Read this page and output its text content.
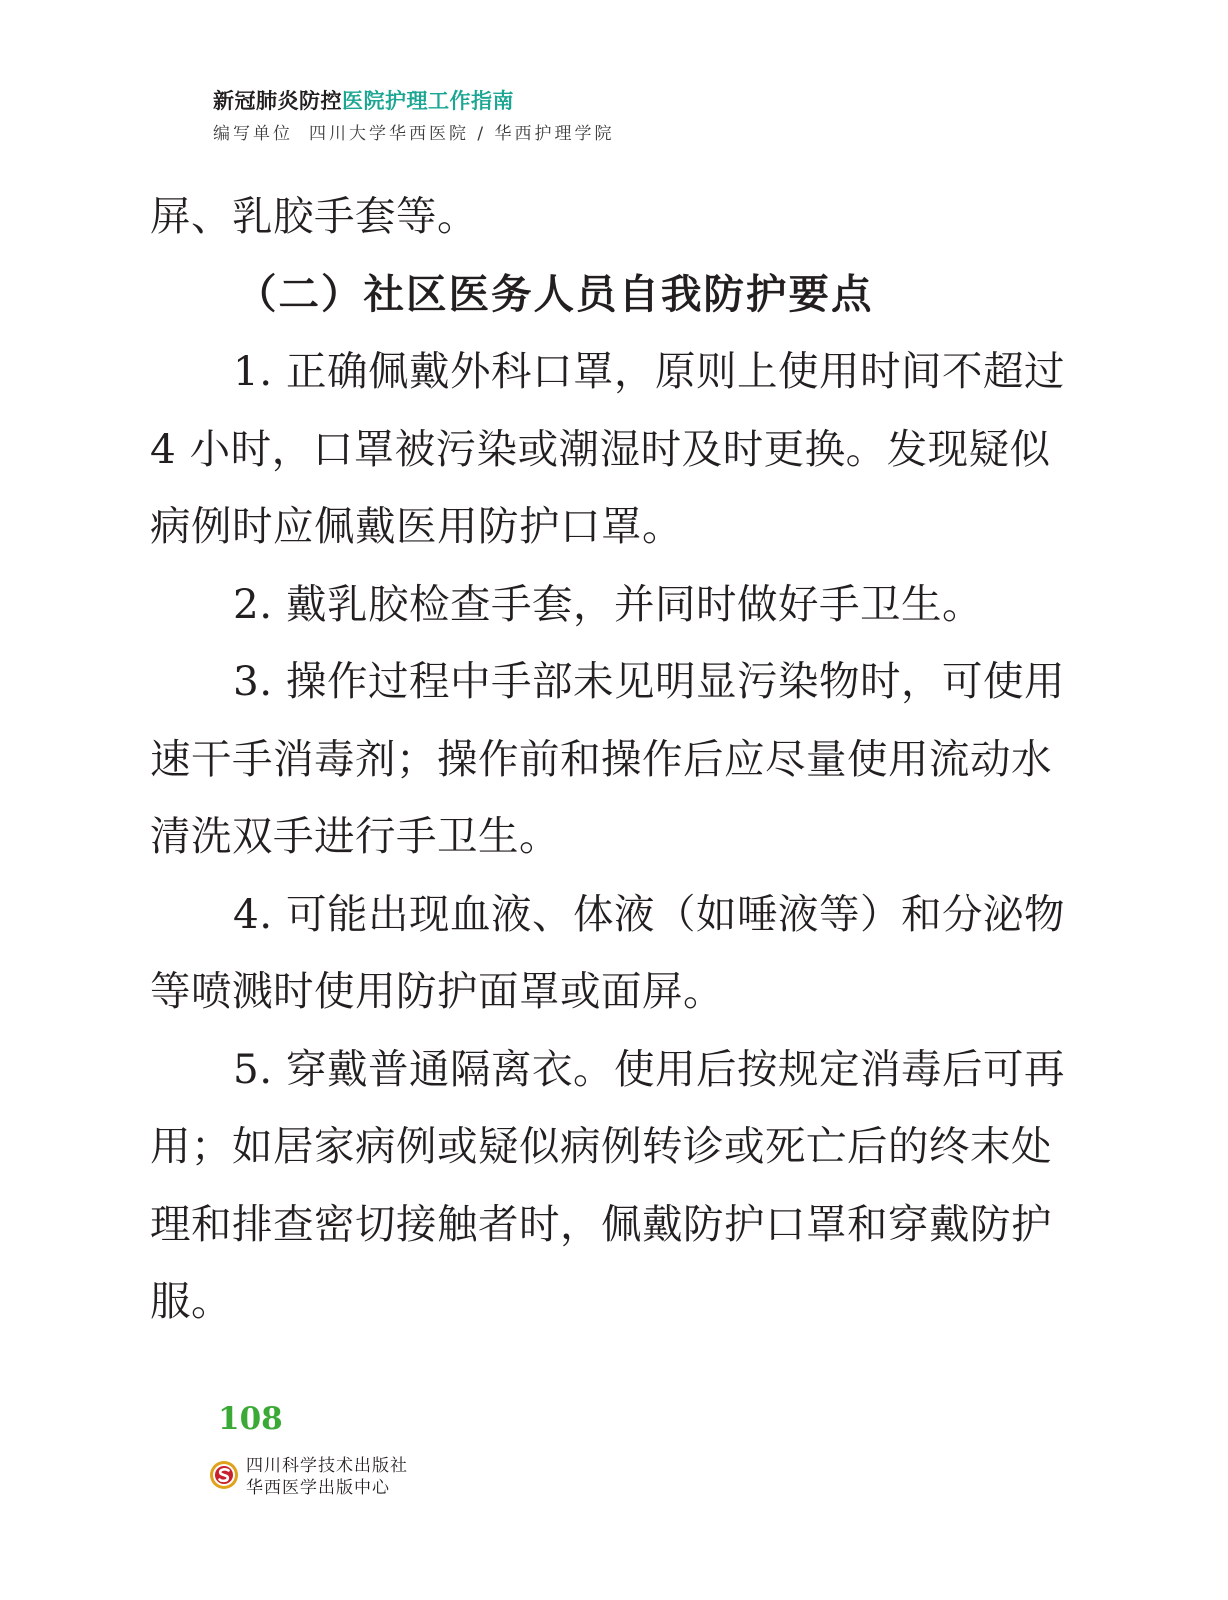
新冠肺炎防控医院护理工作指南
编写单位 四川大学华西医院 / 华西护理学院

屏、乳胶手套等。

（二）社区医务人员自我防护要点

1. 正确佩戴外科口罩，原则上使用时间不超过

4 小时，口罩被污染或潮湿时及时更换。发现疑似

病例时应佩戴医用防护口罩。

2. 戴乳胶检查手套，并同时做好手卫生。

3. 操作过程中手部未见明显污染物时，可使用

速干手消毒剂；操作前和操作后应尽量使用流动水

清洗双手进行手卫生。

4. 可能出现血液、体液（如唾液等）和分泌物

等喷溅时使用防护面罩或面屏。

5. 穿戴普通隔离衣。使用后按规定消毒后可再

用；如居家病例或疑似病例转诊或死亡后的终末处

理和排查密切接触者时，佩戴防护口罩和穿戴防护

服。

108
四川科学技术出版社
华西医学出版中心
